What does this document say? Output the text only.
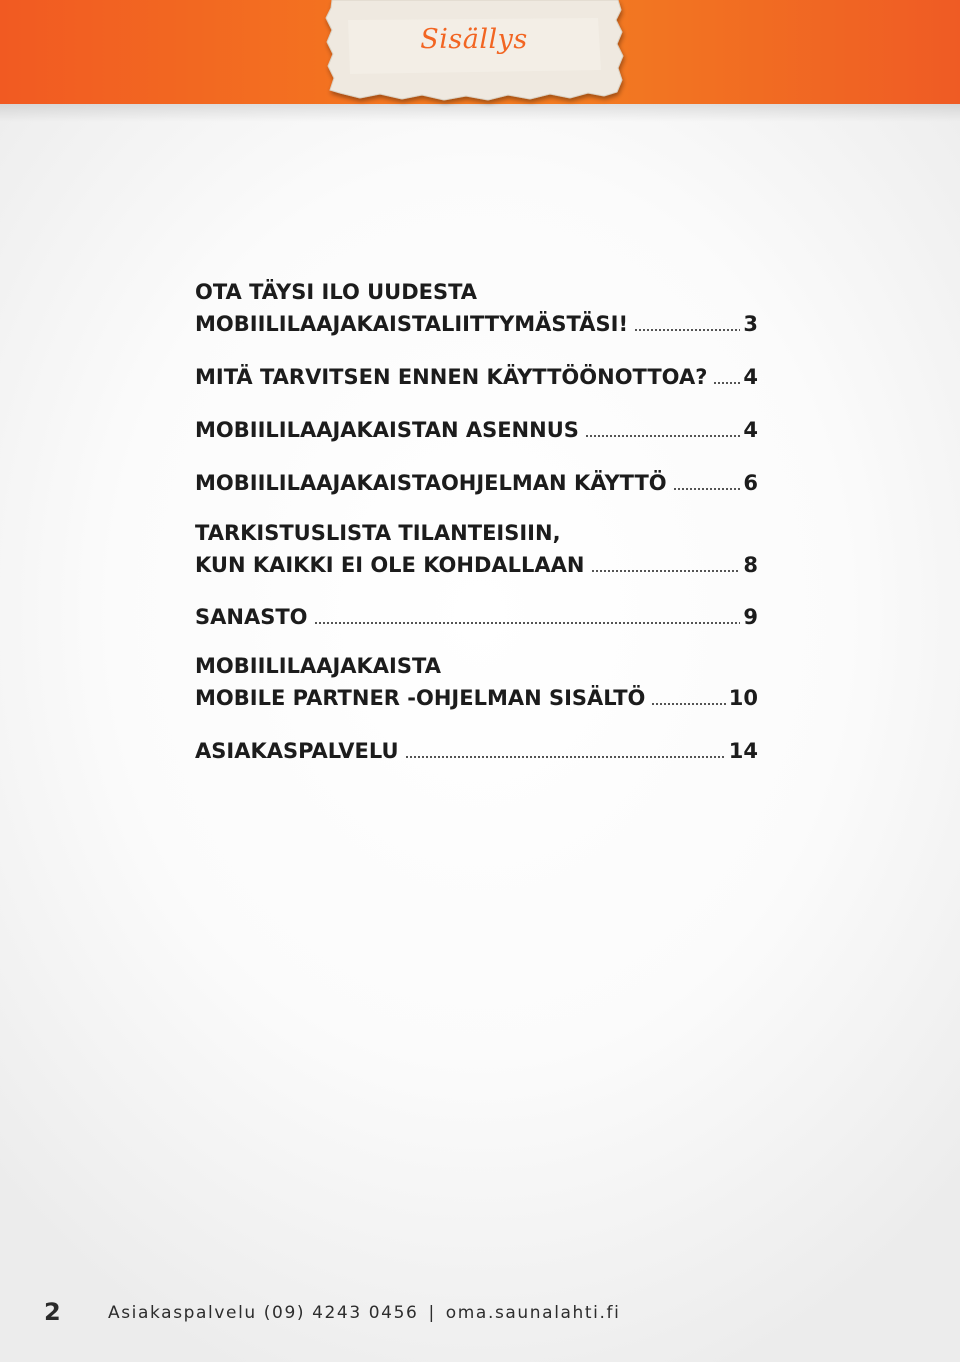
Sisällys
OTA TÄYSI ILO UUDESTA
MOBIILILAAJAKAISTALIITTYMÄSTÄSI!	3
MITÄ TARVITSEN ENNEN KÄYTTÖÖNOTTOA? 4
MOBIILILAAJAKAISTAN ASENNUS	4
MOBIILILAAJAKAISTAOHJELMAN KÄYTTÖ	6
TARKISTUSLISTA TILANTEISIIN,
KUN KAIKKI EI OLE KOHDALLAAN	8
SANASTO	9
MOBIILILAAJAKAISTA
MOBILE PARTNER -OHJELMAN SISÄLTÖ	10
ASIAKASPALVELU	14
2	Asiakaspalvelu (09) 4243 0456 | oma.saunalahti.fi
